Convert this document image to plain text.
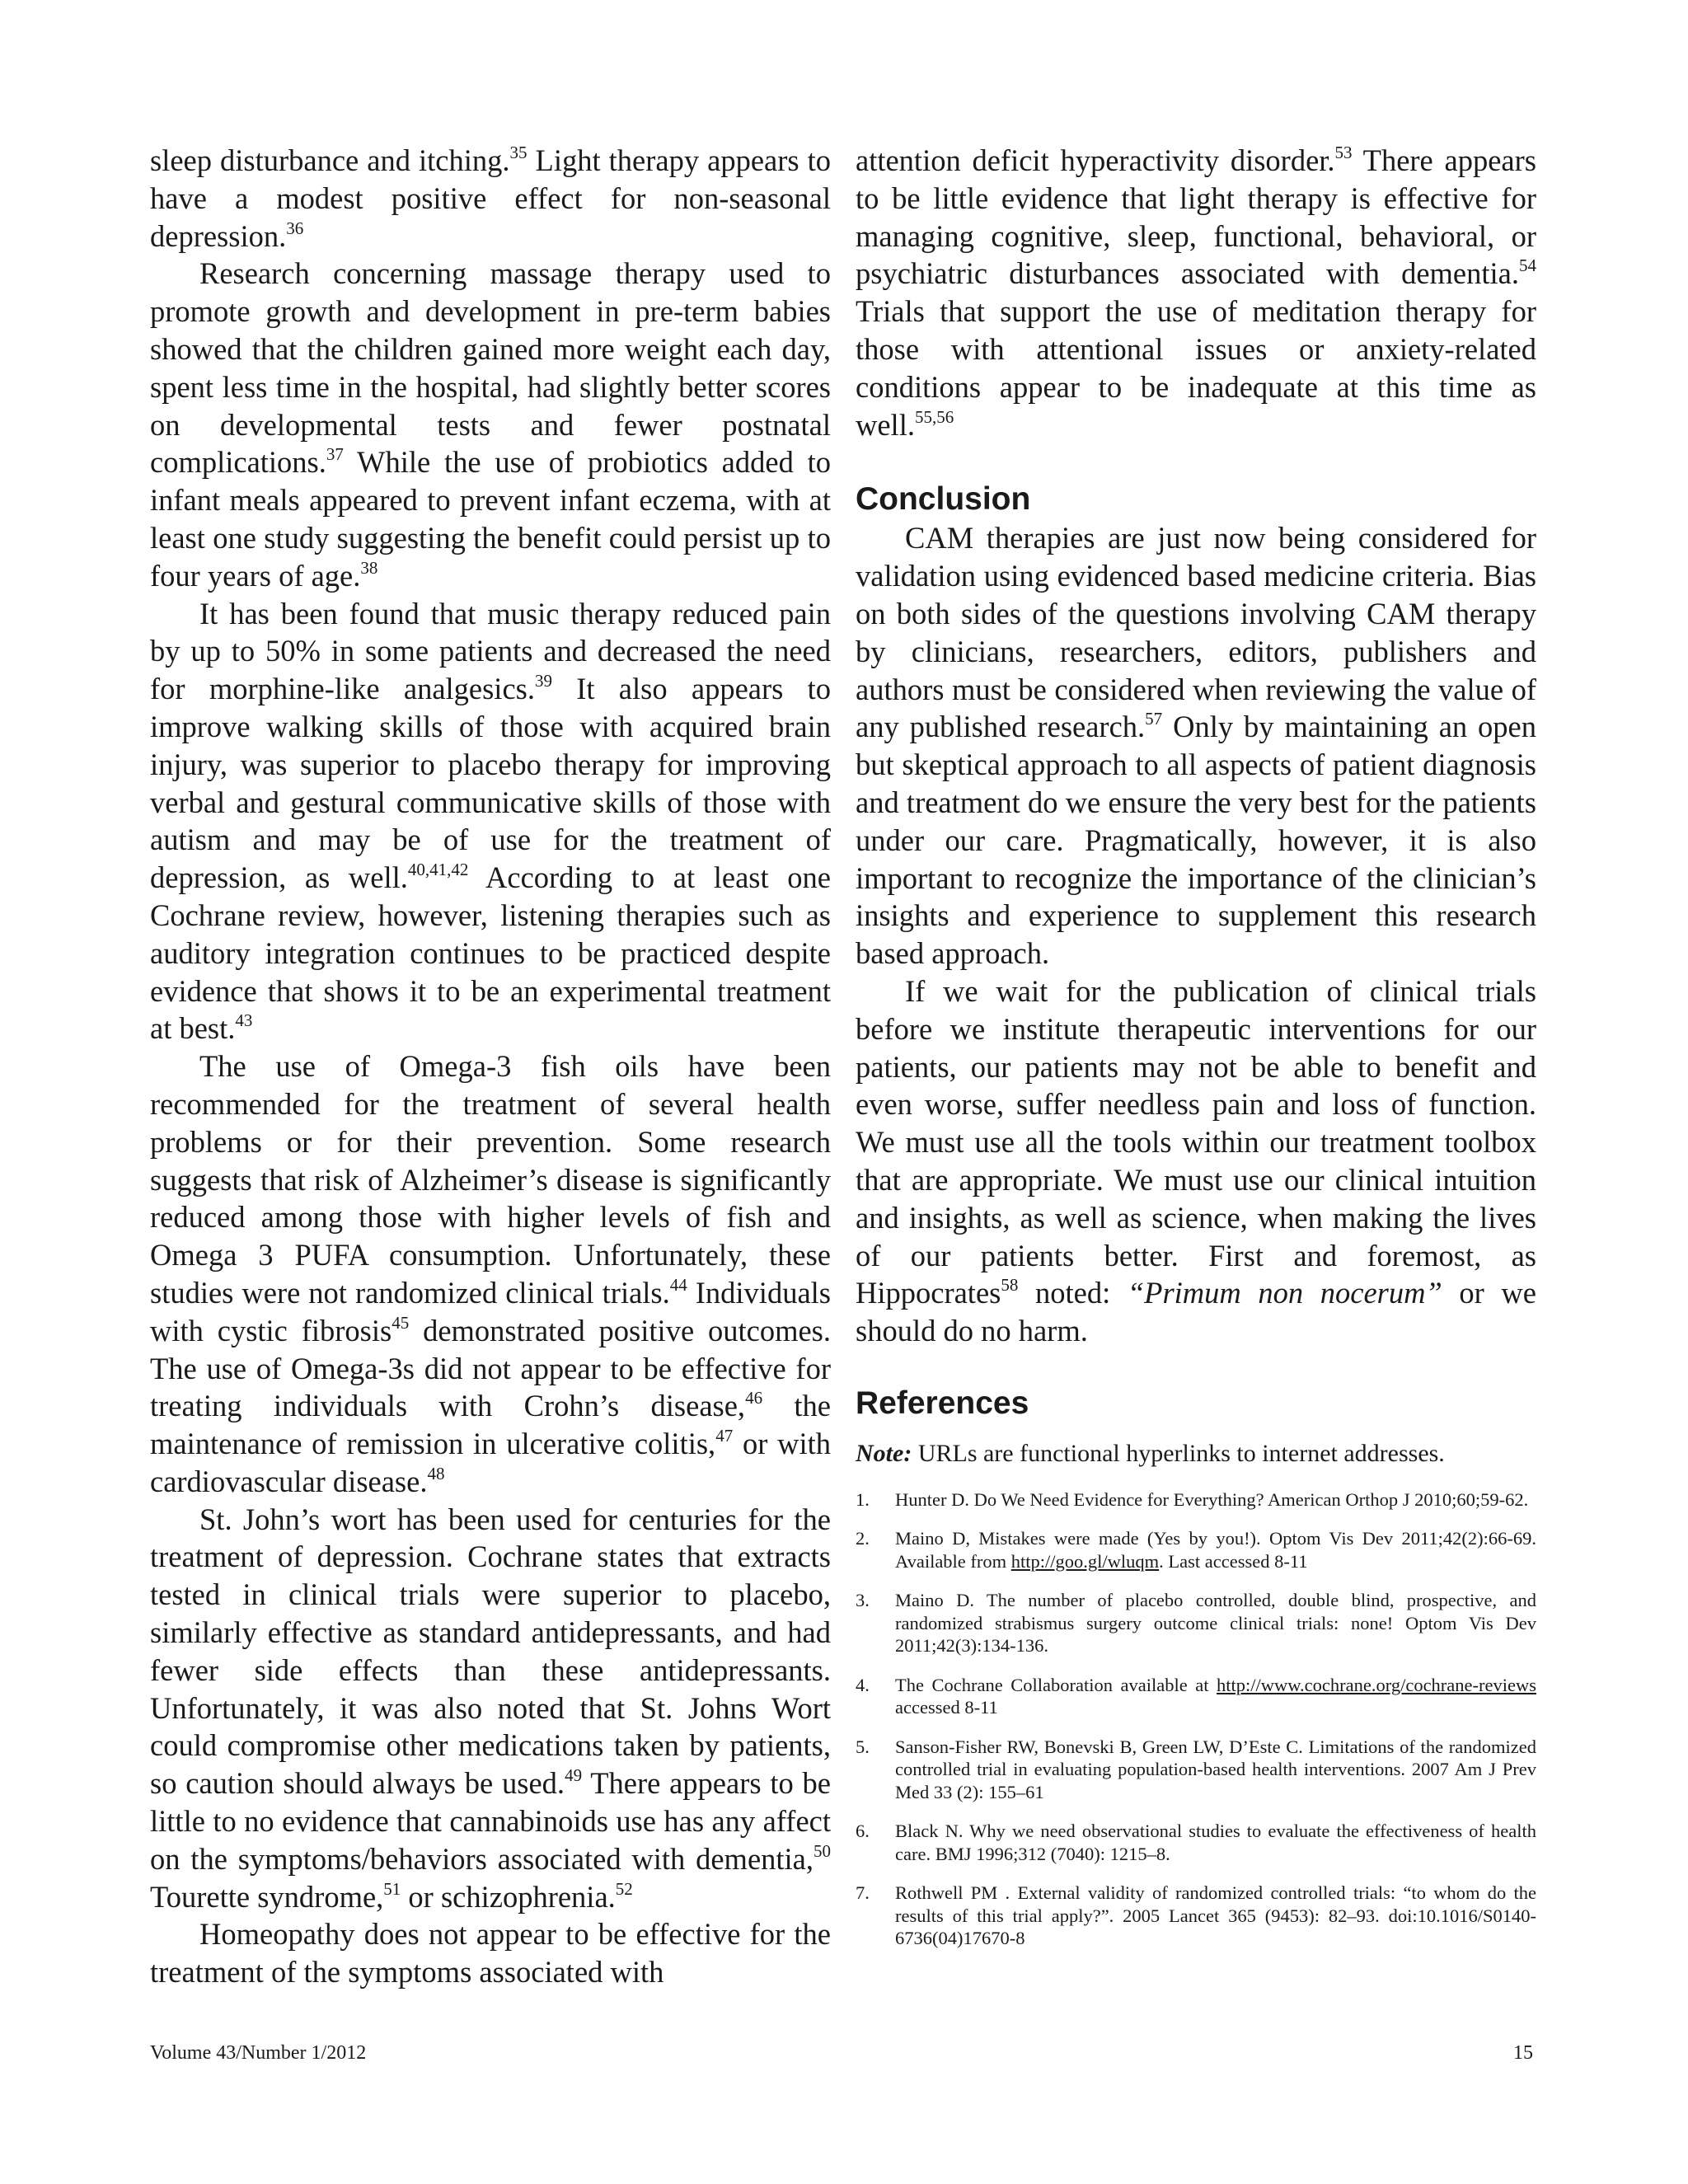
sleep disturbance and itching.$^{35}$ Light therapy appears to have a modest positive effect for non-seasonal depression.$^{36}$

Research concerning massage therapy used to promote growth and development in pre-term babies showed that the children gained more weight each day, spent less time in the hospital, had slightly better scores on developmental tests and fewer postnatal complications.$^{37}$ While the use of probiotics added to infant meals appeared to prevent infant eczema, with at least one study suggesting the benefit could persist up to four years of age.$^{38}$

It has been found that music therapy reduced pain by up to 50% in some patients and decreased the need for morphine-like analgesics.$^{39}$ It also appears to improve walking skills of those with acquired brain injury, was superior to placebo therapy for improving verbal and gestural communicative skills of those with autism and may be of use for the treatment of depression, as well.$^{40,41,42}$ According to at least one Cochrane review, however, listening therapies such as auditory integration continues to be practiced despite evidence that shows it to be an experimental treatment at best.$^{43}$

The use of Omega-3 fish oils have been recommended for the treatment of several health problems or for their prevention. Some research suggests that risk of Alzheimer’s disease is significantly reduced among those with higher levels of fish and Omega 3 PUFA consumption. Unfortunately, these studies were not randomized clinical trials.$^{44}$ Individuals with cystic fibrosis$^{45}$ demonstrated positive outcomes. The use of Omega-3s did not appear to be effective for treating individuals with Crohn’s disease,$^{46}$ the maintenance of remission in ulcerative colitis,$^{47}$ or with cardiovascular disease.$^{48}$

St. John’s wort has been used for centuries for the treatment of depression. Cochrane states that extracts tested in clinical trials were superior to placebo, similarly effective as standard antidepressants, and had fewer side effects than these antidepressants. Unfortunately, it was also noted that St. Johns Wort could compromise other medications taken by patients, so caution should always be used.$^{49}$ There appears to be little to no evidence that cannabinoids use has any affect on the symptoms/behaviors associated with dementia,$^{50}$ Tourette syndrome,$^{51}$ or schizophrenia.$^{52}$

Homeopathy does not appear to be effective for the treatment of the symptoms associated with

attention deficit hyperactivity disorder.$^{53}$ There appears to be little evidence that light therapy is effective for managing cognitive, sleep, functional, behavioral, or psychiatric disturbances associated with dementia.$^{54}$ Trials that support the use of meditation therapy for those with attentional issues or anxiety-related conditions appear to be inadequate at this time as well.$^{55,56}$

Conclusion

CAM therapies are just now being considered for validation using evidenced based medicine criteria. Bias on both sides of the questions involving CAM therapy by clinicians, researchers, editors, publishers and authors must be considered when reviewing the value of any published research.$^{57}$ Only by maintaining an open but skeptical approach to all aspects of patient diagnosis and treatment do we ensure the very best for the patients under our care. Pragmatically, however, it is also important to recognize the importance of the clinician’s insights and experience to supplement this research based approach.

If we wait for the publication of clinical trials before we institute therapeutic interventions for our patients, our patients may not be able to benefit and even worse, suffer needless pain and loss of function. We must use all the tools within our treatment toolbox that are appropriate. We must use our clinical intuition and insights, as well as science, when making the lives of our patients better. First and foremost, as Hippocrates$^{58}$ noted: “Primum non nocerum” or we should do no harm.

References

Note: URLs are functional hyperlinks to internet addresses.

1. Hunter D. Do We Need Evidence for Everything? American Orthop J 2010;60;59-62.
2. Maino D, Mistakes were made (Yes by you!). Optom Vis Dev 2011;42(2):66-69. Available from http://goo.gl/wluqm. Last accessed 8-11
3. Maino D. The number of placebo controlled, double blind, prospective, and randomized strabismus surgery outcome clinical trials: none! Optom Vis Dev 2011;42(3):134-136.
4. The Cochrane Collaboration available at http://www.cochrane.org/cochrane-reviews accessed 8-11
5. Sanson-Fisher RW, Bonevski B, Green LW, D’Este C. Limitations of the randomized controlled trial in evaluating population-based health interventions. 2007 Am J Prev Med 33 (2): 155–61
6. Black N. Why we need observational studies to evaluate the effectiveness of health care. BMJ 1996;312 (7040): 1215–8.
7. Rothwell PM . External validity of randomized controlled trials: “to whom do the results of this trial apply?”. 2005 Lancet 365 (9453): 82–93. doi:10.1016/S0140-6736(04)17670-8
Volume 43/Number 1/2012	15
